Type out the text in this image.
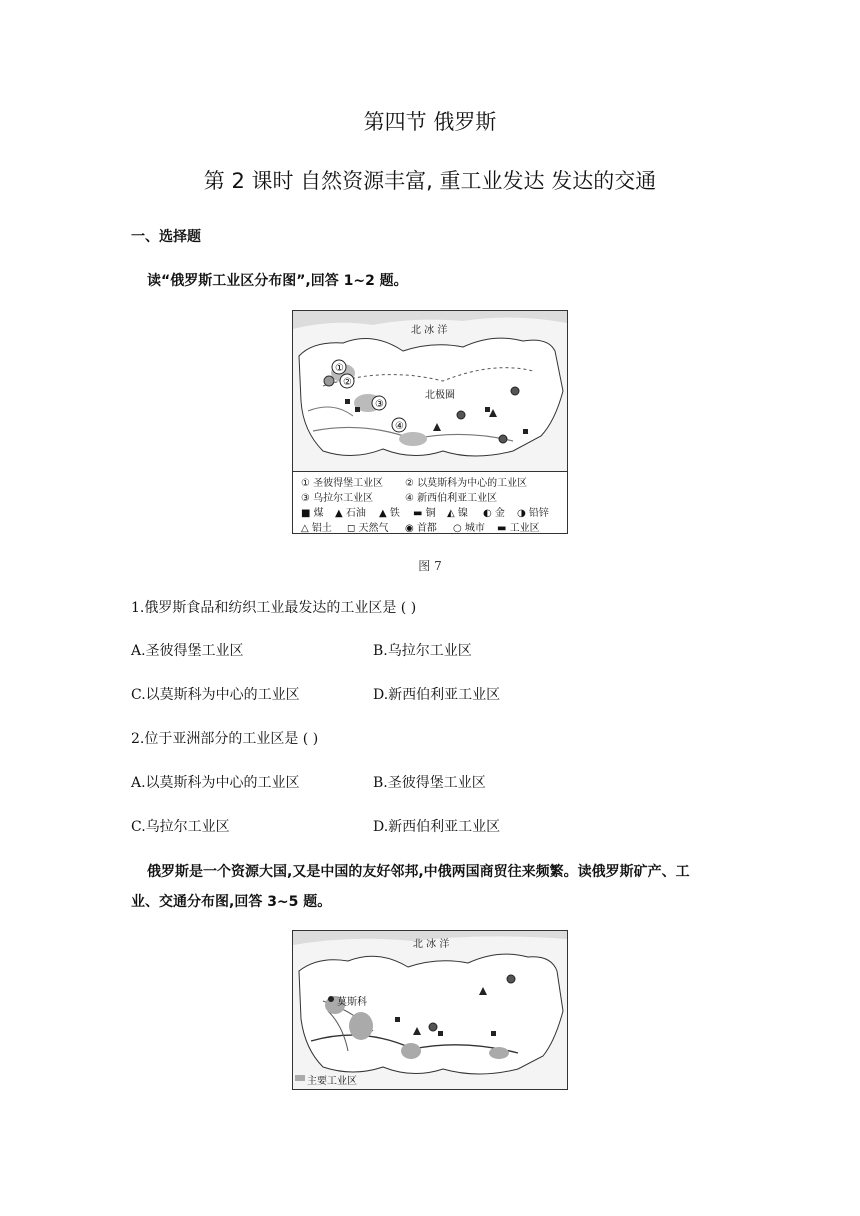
第四节 俄罗斯
第 2 课时 自然资源丰富, 重工业发达 发达的交通
一、选择题
读“俄罗斯工业区分布图”,回答 1~2 题。
①
②
③
④
北 冰 洋
北极圈
① 圣彼得堡工业区 ② 以莫斯科为中心的工业区
③ 乌拉尔工业区	④ 新西伯利亚工业区
■ 煤 ▲ 石油 ▲ 铁 ▬ 铜 ◭ 镍 ◐ 金 ◑ 铅锌
△ 铝土 ◻ 天然气 ◉ 首都 ○ 城市 ▬ 工业区
图 7
1.俄罗斯食品和纺织工业最发达的工业区是 ( )
A.圣彼得堡工业区	B.乌拉尔工业区
C.以莫斯科为中心的工业区	D.新西伯利亚工业区
2.位于亚洲部分的工业区是 ( )
A.以莫斯科为中心的工业区	B.圣彼得堡工业区
C.乌拉尔工业区	D.新西伯利亚工业区
俄罗斯是一个资源大国,又是中国的友好邻邦,中俄两国商贸往来频繁。读俄罗斯矿产、工
业、交通分布图,回答 3~5 题。
北 冰 洋
莫斯科
主要工业区
